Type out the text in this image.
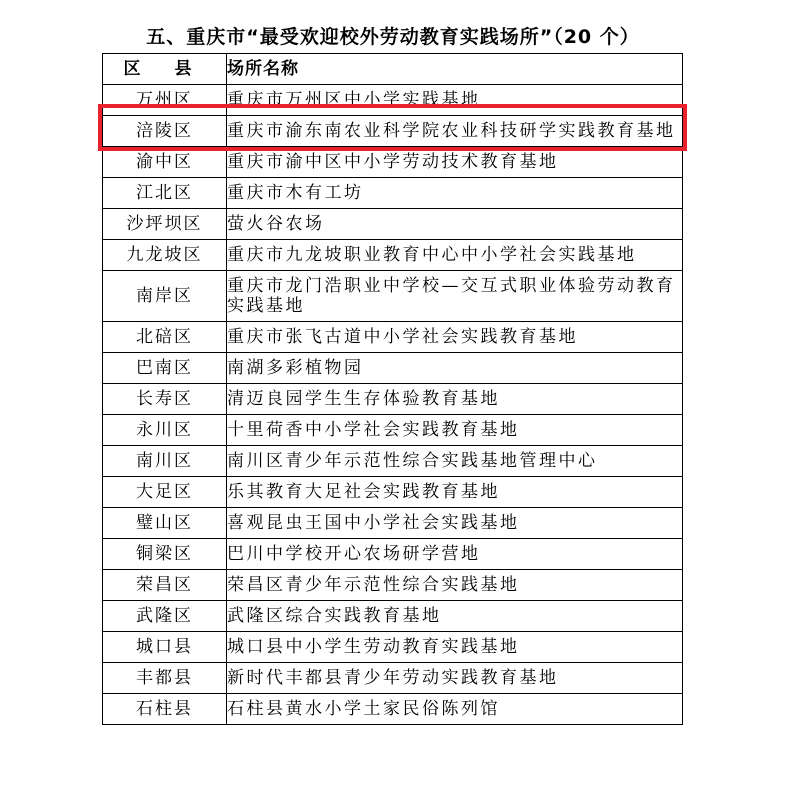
五、重庆市“最受欢迎校外劳动教育实践场所”（20 个）
区 县	场所名称
万州区	重庆市万州区中小学实践基地
涪陵区	重庆市渝东南农业科学院农业科技研学实践教育基地
渝中区	重庆市渝中区中小学劳动技术教育基地
江北区	重庆市木有工坊
沙坪坝区	萤火谷农场
九龙坡区	重庆市九龙坡职业教育中心中小学社会实践基地
南岸区	重庆市龙门浩职业中学校—交互式职业体验劳动教育实践基地
北碚区	重庆市张飞古道中小学社会实践教育基地
巴南区	南湖多彩植物园
长寿区	清迈良园学生生存体验教育基地
永川区	十里荷香中小学社会实践教育基地
南川区	南川区青少年示范性综合实践基地管理中心
大足区	乐其教育大足社会实践教育基地
璧山区	喜观昆虫王国中小学社会实践基地
铜梁区	巴川中学校开心农场研学营地
荣昌区	荣昌区青少年示范性综合实践基地
武隆区	武隆区综合实践教育基地
城口县	城口县中小学生劳动教育实践基地
丰都县	新时代丰都县青少年劳动实践教育基地
石柱县	石柱县黄水小学土家民俗陈列馆
